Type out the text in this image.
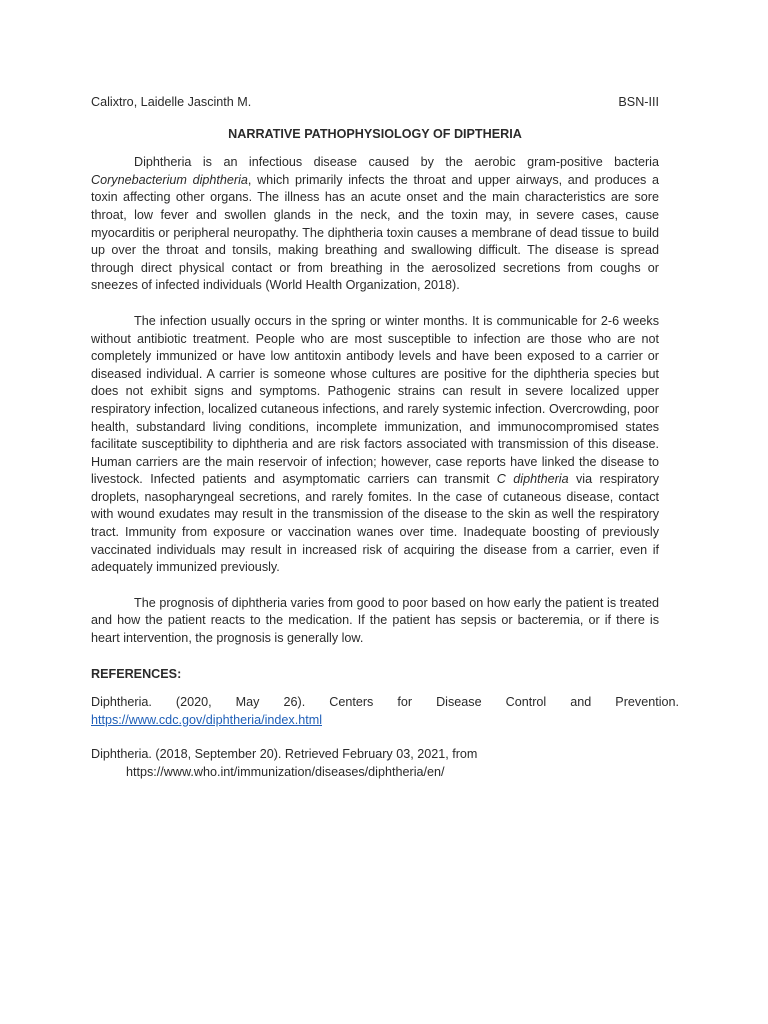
Calixtro, Laidelle Jascinth M.	BSN-III
NARRATIVE PATHOPHYSIOLOGY OF DIPTHERIA

Diphtheria is an infectious disease caused by the aerobic gram-positive bacteria Corynebacterium diphtheria, which primarily infects the throat and upper airways, and produces a toxin affecting other organs. The illness has an acute onset and the main characteristics are sore throat, low fever and swollen glands in the neck, and the toxin may, in severe cases, cause myocarditis or peripheral neuropathy. The diphtheria toxin causes a membrane of dead tissue to build up over the throat and tonsils, making breathing and swallowing difficult. The disease is spread through direct physical contact or from breathing in the aerosolized secretions from coughs or sneezes of infected individuals (World Health Organization, 2018).

The infection usually occurs in the spring or winter months. It is communicable for 2-6 weeks without antibiotic treatment. People who are most susceptible to infection are those who are not completely immunized or have low antitoxin antibody levels and have been exposed to a carrier or diseased individual. A carrier is someone whose cultures are positive for the diphtheria species but does not exhibit signs and symptoms. Pathogenic strains can result in severe localized upper respiratory infection, localized cutaneous infections, and rarely systemic infection. Overcrowding, poor health, substandard living conditions, incomplete immunization, and immunocompromised states facilitate susceptibility to diphtheria and are risk factors associated with transmission of this disease. Human carriers are the main reservoir of infection; however, case reports have linked the disease to livestock. Infected patients and asymptomatic carriers can transmit C diphtheria via respiratory droplets, nasopharyngeal secretions, and rarely fomites. In the case of cutaneous disease, contact with wound exudates may result in the transmission of the disease to the skin as well the respiratory tract. Immunity from exposure or vaccination wanes over time. Inadequate boosting of previously vaccinated individuals may result in increased risk of acquiring the disease from a carrier, even if adequately immunized previously.

The prognosis of diphtheria varies from good to poor based on how early the patient is treated and how the patient reacts to the medication. If the patient has sepsis or bacteremia, or if there is heart intervention, the prognosis is generally low.

REFERENCES:
Diphtheria. (2020, May 26). Centers for Disease Control and Prevention.
https://www.cdc.gov/diphtheria/index.html
Diphtheria. (2018, September 20). Retrieved February 03, 2021, from
https://www.who.int/immunization/diseases/diphtheria/en/
